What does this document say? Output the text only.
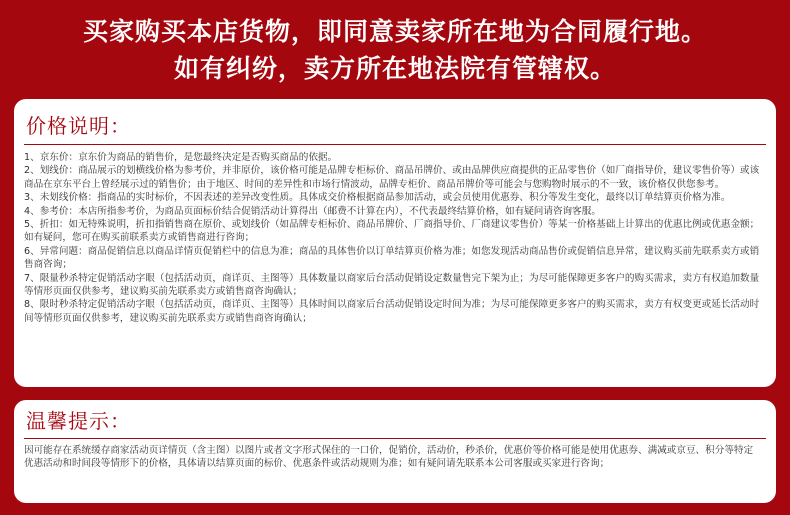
买家购买本店货物，即同意卖家所在地为合同履行地。
如有纠纷，卖方所在地法院有管辖权。
价格说明：

1、京东价：京东价为商品的销售价，是您最终决定是否购买商品的依据。

2、划线价：商品展示的划横线价格为参考价，并非原价，该价格可能是品牌专柜标价、商品吊牌价、或由品牌供应商提供的正品零售价（如厂商指导价，建议零售价等）或该商品在京东平台上曾经展示过的销售价；由于地区、时间的差异性和市场行情波动，品牌专柜价、商品吊牌价等可能会与您购物时展示的不一致，该价格仅供您参考。

3、未划线价格：指商品的实时标价，不因表述的差异改变性质。具体成交价格根据商品参加活动，或会员使用优惠券、积分等发生变化，最终以订单结算页价格为准。

4、参考价：本店所指参考价，为商品页面标价结合促销活动计算得出（邮费不计算在内），不代表最终结算价格，如有疑问请咨询客服。

5、折扣：如无特殊说明，折扣指销售商在原价、或划线价（如品牌专柜标价、商品吊牌价、厂商指导价、厂商建议零售价）等某一价格基础上计算出的优惠比例或优惠金额；如有疑问，您可在购买前联系卖方或销售商进行咨询；

6、异常问题：商品促销信息以商品详情页促销栏中的信息为准；商品的具体售价以订单结算页价格为准；如您发现活动商品售价或促销信息异常，建议购买前先联系卖方或销售商咨询；

7、限量秒杀特定促销活动字眼（包括活动页，商详页、主图等）具体数量以商家后台活动促销设定数量售完下架为止；为尽可能保障更多客户的购买需求，卖方有权追加数量等情形页面仅供参考，建议购买前先联系卖方或销售商咨询确认；

8、限时秒杀特定促销活动字眼（包括活动页，商详页、主图等）具体时间以商家后台活动促销设定时间为准；为尽可能保障更多客户的购买需求，卖方有权变更或延长活动时间等情形页面仅供参考，建议购买前先联系卖方或销售商咨询确认；

温馨提示：

因可能存在系统缓存商家活动页详情页（含主图）以图片或者文字形式保住的一口价，促销价，活动价，秒杀价，优惠价等价格可能是使用优惠券、满减或京豆、积分等特定优惠活动和时间段等情形下的价格，具体请以结算页面的标价、优惠条件或活动规则为准；如有疑问请先联系本公司客服或买家进行咨询；
